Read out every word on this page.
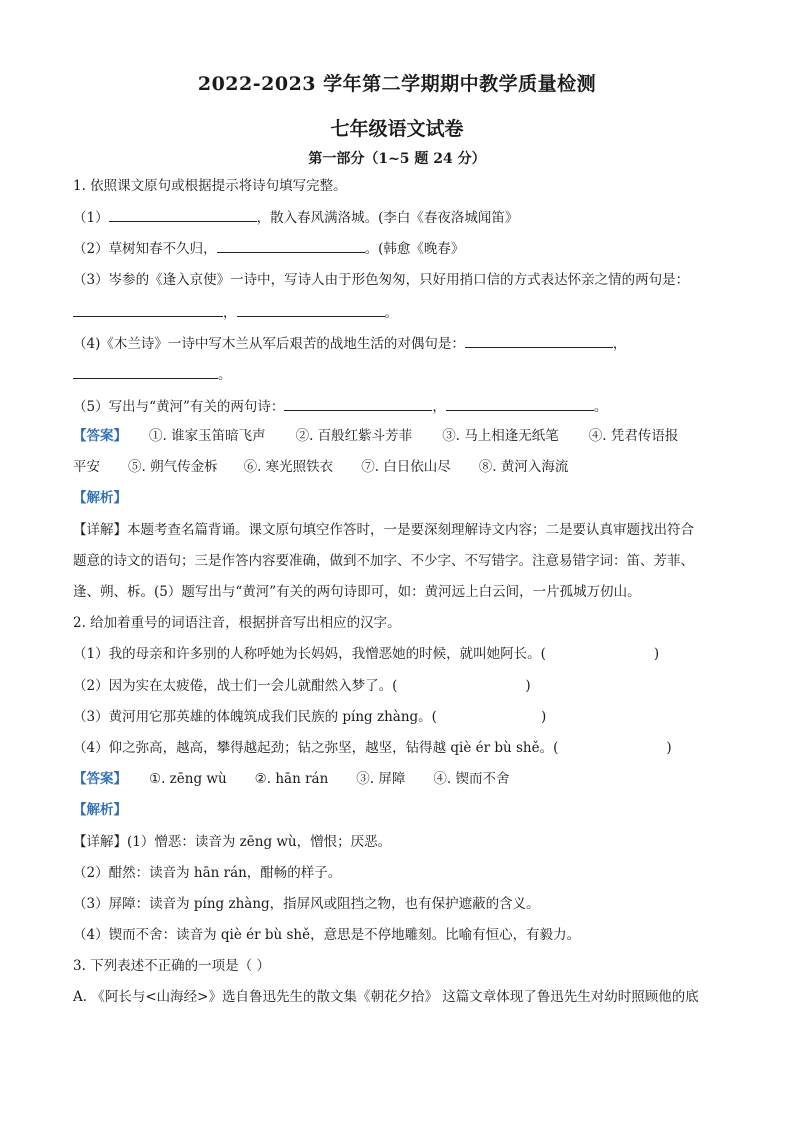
2022-2023 学年第二学期期中教学质量检测
七年级语文试卷
第一部分（1~5 题 24 分）
1. 依照课文原句或根据提示将诗句填写完整。
（1）	，散入春风满洛城。(李白《春夜洛城闻笛》
（2）草树知春不久归，	。(韩愈《晚春》
（3）岑参的《逢入京使》一诗中，写诗人由于形色匆匆，只好用捎口信的方式表达怀亲之情的两句是：
，	。
（4)《木兰诗》一诗中写木兰从军后艰苦的战地生活的对偶句是：	，
。
（5）写出与“黄河”有关的两句诗：	，	。
【答案】 ①. 谁家玉笛暗飞声 ②. 百般红紫斗芳菲 ③. 马上相逢无纸笔 ④. 凭君传语报
平安 ⑤. 朔气传金柝 ⑥. 寒光照铁衣 ⑦. 白日依山尽 ⑧. 黄河入海流
【解析】
【详解】本题考查名篇背诵。课文原句填空作答时，一是要深刻理解诗文内容；二是要认真审题找出符合
题意的诗文的语句；三是作答内容要准确，做到不加字、不少字、不写错字。注意易错字词：笛、芳菲、
逢、朔、柝。(5）题写出与“黄河”有关的两句诗即可，如：黄河远上白云间，一片孤城万仞山。
2. 给加着重号的词语注音，根据拼音写出相应的汉字。
（1）我的母亲和许多别的人称呼她为长妈妈，我憎恶她的时候，就叫她阿长。(	)
（2）因为实在太疲倦，战士们一会儿就酣然入梦了。(	)
（3）黄河用它那英雄的体魄筑成我们民族的 píng zhàng。(	)
（4）仰之弥高，越高，攀得越起劲；钻之弥坚，越坚，钻得越 qiè ér bù shě。(	)
【答案】 ①. zēng wù ②. hān rán ③. 屏障 ④. 锲而不舍
【解析】
【详解】(1）憎恶：读音为 zēng wù，憎恨；厌恶。
（2）酣然：读音为 hān rán，酣畅的样子。
（3）屏障：读音为 píng zhàng，指屏风或阻挡之物，也有保护遮蔽的含义。
（4）锲而不舍：读音为 qiè ér bù shě，意思是不停地雕刻。比喻有恒心，有毅力。
3. 下列表述不正确的一项是（ ）
A. 《阿长与<山海经>》选自鲁迅先生的散文集《朝花夕拾》 这篇文章体现了鲁迅先生对幼时照顾他的底
